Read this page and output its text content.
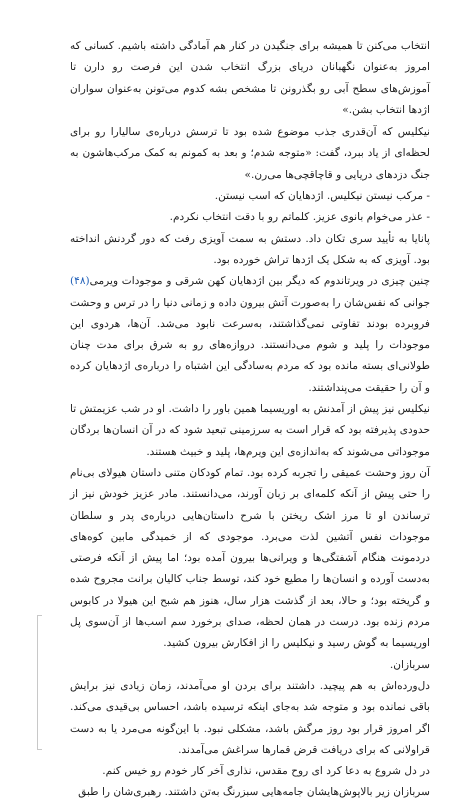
انتخاب می‌کنن تا همیشه برای جنگیدن در کنار هم آمادگی داشته باشیم. کسانی که امروز به‌عنوان نگهبانان دریای بزرگ انتخاب شدن این فرصت رو دارن تا آموزش‌های سطح آبی رو بگذرونن تا مشخص بشه کدوم می‌تونن به‌عنوان سواران اژدها انتخاب بشن.»

نیکلیس که آن‌قدری جذب موضوع شده بود تا ترسش درباره‌ی سالیارا رو برای لحظه‌ای از یاد ببرد، گفت: «متوجه شدم؛ و بعد به کمونم به کمک مرکب‌هاشون به جنگ دزدهای دریایی و قاچاقچی‌ها می‌رن.»

- مرکب نیستن نیکلیس. اژدهایان که اسب نیستن.

- عذر می‌خوام بانوی عزیز. کلماتم رو با دقت انتخاب نکردم.

پانایا به تأیید سری تکان داد. دستش به سمت آویزی رفت که دور گردنش انداخته بود. آویزی که به شکل یک اژدها تراش خورده بود.

چنین چیزی در ویرتاندوم که دیگر بین اژدهایان کهن شرقی و موجودات ویرمی(۴۸) جوانی که نفس‌شان را به‌صورت آتش بیرون داده و زمانی دنیا را در ترس و وحشت فروبرده بودند تفاوتی نمی‌گذاشتند، به‌سرعت نابود می‌شد. آن‌ها، هردوی این موجودات را پلید و شوم می‌دانستند. دروازه‌های رو به شرق برای مدت چنان طولانی‌ای بسته مانده بود که مردم به‌سادگی این اشتباه را درباره‌ی اژدهایان کرده و آن را حقیقت می‌پنداشتند.

نیکلیس نیز پیش از آمدنش به اوریسیما همین باور را داشت. او در شب عزیمتش تا حدودی پذیرفته بود که قرار است به سرزمینی تبعید شود که در آن انسان‌ها بردگان موجوداتی می‌شوند که به‌اندازه‌ی این ویرم‌ها، پلید و خبیث هستند.

آن روز وحشت عمیقی را تجربه کرده بود. تمام کودکان متنی داستان هیولای بی‌نام را حتی پیش از آنکه کلمه‌ای بر زبان آورند، می‌دانستند. مادر عزیز خودش نیز از ترساندن او تا مرز اشک ریختن با شرح داستان‌هایی درباره‌ی پدر و سلطان موجودات نفس آتشین لذت می‌برد. موجودی که از خمیدگی مابین کوه‌های دردمونت هنگام آشفتگی‌ها و ویرانی‌ها بیرون آمده بود؛ اما پیش از آنکه فرصتی به‌دست آورده و انسان‌ها را مطیع خود کند، توسط جناب کالیان برانت مجروح شده و گریخته بود؛ و حالا، بعد از گذشت هزار سال، هنوز هم شبح این هیولا در کابوس مردم زنده بود. درست در همان لحظه، صدای برخورد سم اسب‌ها از آن‌سوی پل اوریسیما به گوش رسید و نیکلیس را از افکارش بیرون کشید.

سربازان.

دل‌ورده‌اش به هم پیچید. داشتند برای بردن او می‌آمدند، زمان زیادی نیز برایش باقی نمانده بود و متوجه شد به‌جای اینکه ترسیده باشد، احساس بی‌قیدی می‌کند. اگر امروز قرار بود روز مرگش باشد، مشکلی نبود. با این‌گونه می‌مرد یا به دست قراولانی که برای دریافت قرض قمارها سراغش می‌آمدند.

در دل شروع به دعا کرد ای روح مقدس، نذاری آخر کار خودم رو خیس کنم.

سربازان زیر بالاپوش‌هایشان جامه‌هایی سبزرنگ به‌تن داشتند. رهبری‌شان را طبق
